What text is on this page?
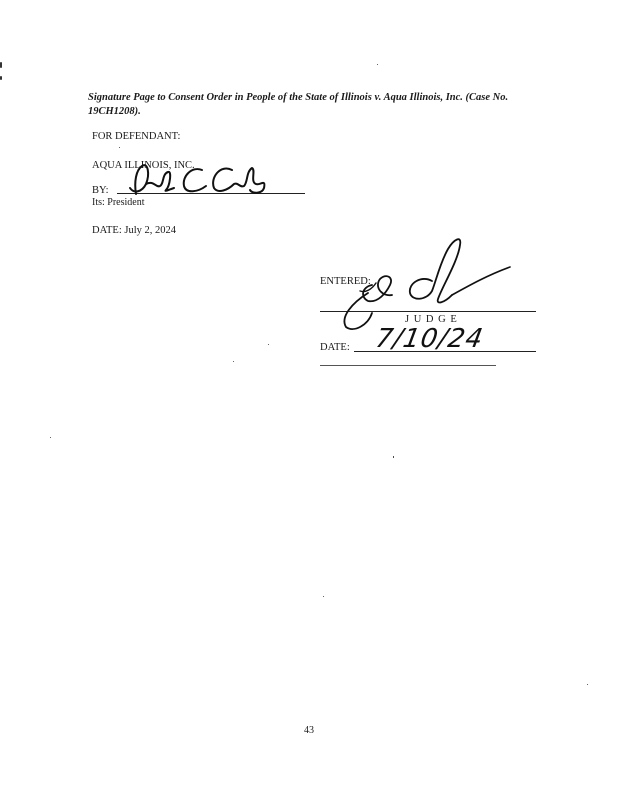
Signature Page to Consent Order in People of the State of Illinois v. Aqua Illinois, Inc. (Case No. 19CH1208).
FOR DEFENDANT:
AQUA ILLINOIS, INC.
BY:
Its: President
DATE: July 2, 2024
ENTERED:
J U D G E
DATE: 7/10/24
43
